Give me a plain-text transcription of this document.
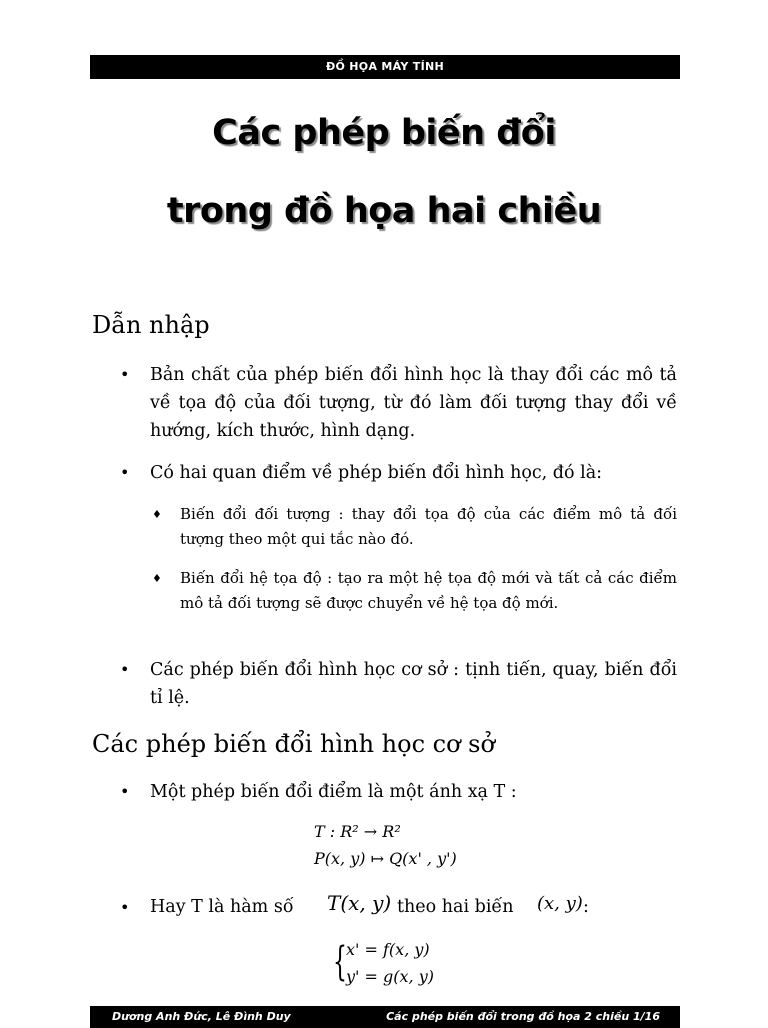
ĐỒ HỌA MÁY TÍNH
Các phép biến đổi
trong đồ họa hai chiều
Dẫn nhập
• Bản chất của phép biến đổi hình học là thay đổi các mô tả về tọa độ của đối tượng, từ đó làm đối tượng thay đổi về hướng, kích thước, hình dạng.
• Có hai quan điểm về phép biến đổi hình học, đó là:
♦ Biến đổi đối tượng : thay đổi tọa độ của các điểm mô tả đối tượng theo một qui tắc nào đó.
♦ Biến đổi hệ tọa độ : tạo ra một hệ tọa độ mới và tất cả các điểm mô tả đối tượng sẽ được chuyển về hệ tọa độ mới.
• Các phép biến đổi hình học cơ sở : tịnh tiến, quay, biến đổi tỉ lệ.
Các phép biến đổi hình học cơ sở
• Một phép biến đổi điểm là một ánh xạ T :
T : R² → R²
P(x, y) ↦ Q(x' , y')
• Hay T là hàm số T(x, y) theo hai biến (x, y) :
{ x' = f(x, y)
y' = g(x, y)
Dương Anh Đức, Lê Đình Duy	Các phép biến đổi trong đồ họa 2 chiều 1/16
